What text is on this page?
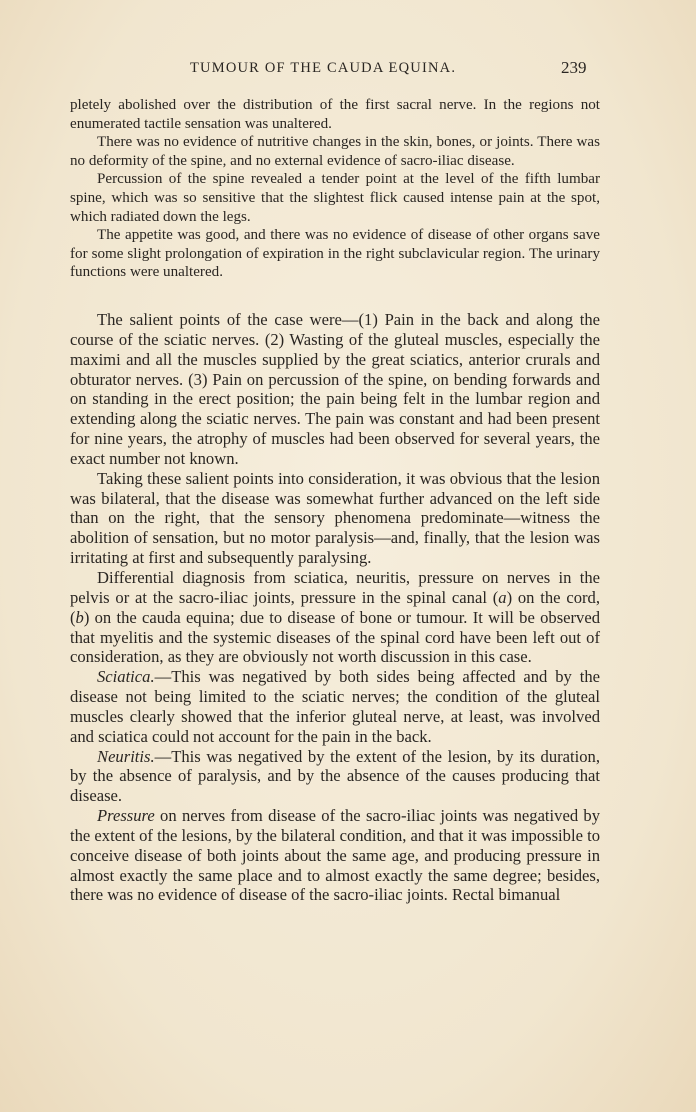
TUMOUR OF THE CAUDA EQUINA.	239

pletely abolished over the distribution of the first sacral nerve. In the regions not enumerated tactile sensation was unaltered.

There was no evidence of nutritive changes in the skin, bones, or joints. There was no deformity of the spine, and no external evidence of sacro-iliac disease.

Percussion of the spine revealed a tender point at the level of the fifth lumbar spine, which was so sensitive that the slightest flick caused intense pain at the spot, which radiated down the legs.

The appetite was good, and there was no evidence of disease of other organs save for some slight prolongation of expiration in the right subclavicular region. The urinary functions were unaltered.

The salient points of the case were—(1) Pain in the back and along the course of the sciatic nerves. (2) Wasting of the gluteal muscles, especially the maximi and all the muscles supplied by the great sciatics, anterior crurals and obturator nerves. (3) Pain on percussion of the spine, on bending forwards and on standing in the erect position; the pain being felt in the lumbar region and extending along the sciatic nerves. The pain was constant and had been present for nine years, the atrophy of muscles had been observed for several years, the exact number not known.

Taking these salient points into consideration, it was obvious that the lesion was bilateral, that the disease was somewhat further advanced on the left side than on the right, that the sensory phenomena predominate—witness the abolition of sensation, but no motor paralysis—and, finally, that the lesion was irritating at first and subsequently paralysing.

Differential diagnosis from sciatica, neuritis, pressure on nerves in the pelvis or at the sacro-iliac joints, pressure in the spinal canal (a) on the cord, (b) on the cauda equina; due to disease of bone or tumour. It will be observed that myelitis and the systemic diseases of the spinal cord have been left out of consideration, as they are obviously not worth discussion in this case.

Sciatica.—This was negatived by both sides being affected and by the disease not being limited to the sciatic nerves; the condition of the gluteal muscles clearly showed that the inferior gluteal nerve, at least, was involved and sciatica could not account for the pain in the back.

Neuritis.—This was negatived by the extent of the lesion, by its duration, by the absence of paralysis, and by the absence of the causes producing that disease.

Pressure on nerves from disease of the sacro-iliac joints was negatived by the extent of the lesions, by the bilateral condition, and that it was impossible to conceive disease of both joints about the same age, and producing pressure in almost exactly the same place and to almost exactly the same degree; besides, there was no evidence of disease of the sacro-iliac joints. Rectal bimanual
